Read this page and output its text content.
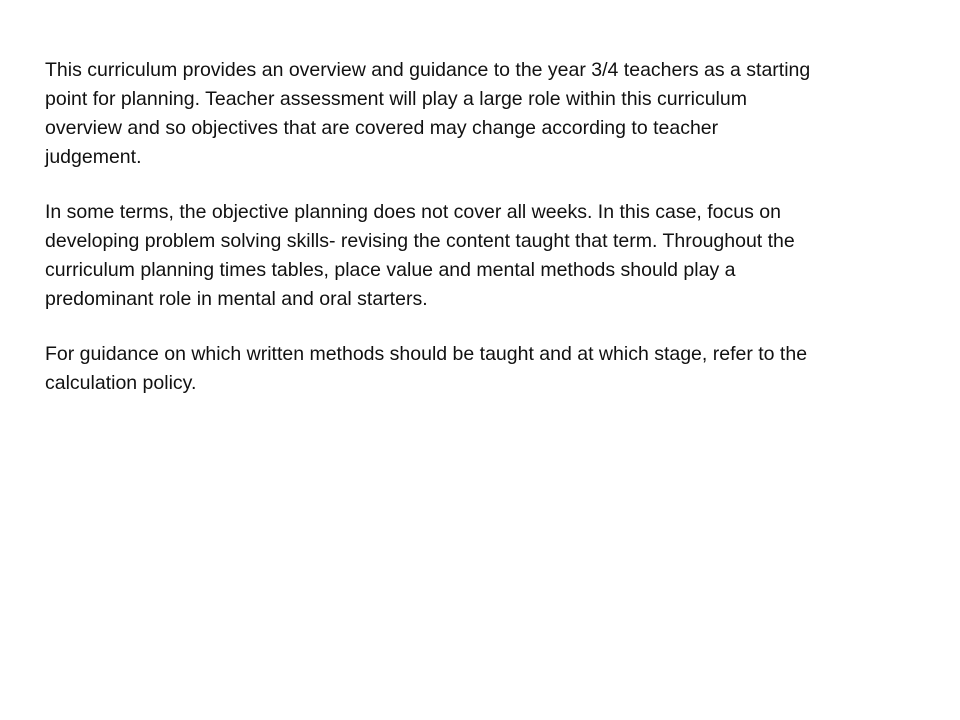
This curriculum provides an overview and guidance to the year 3/4 teachers as a starting
point for planning. Teacher assessment will play a large role within this curriculum
overview and so objectives that are covered may change according to teacher
judgement.

In some terms, the objective planning does not cover all weeks. In this case, focus on
developing problem solving skills- revising the content taught that term. Throughout the
curriculum planning times tables, place value and mental methods should play a
predominant role in mental and oral starters.

For guidance on which written methods should be taught and at which stage, refer to the
calculation policy.
